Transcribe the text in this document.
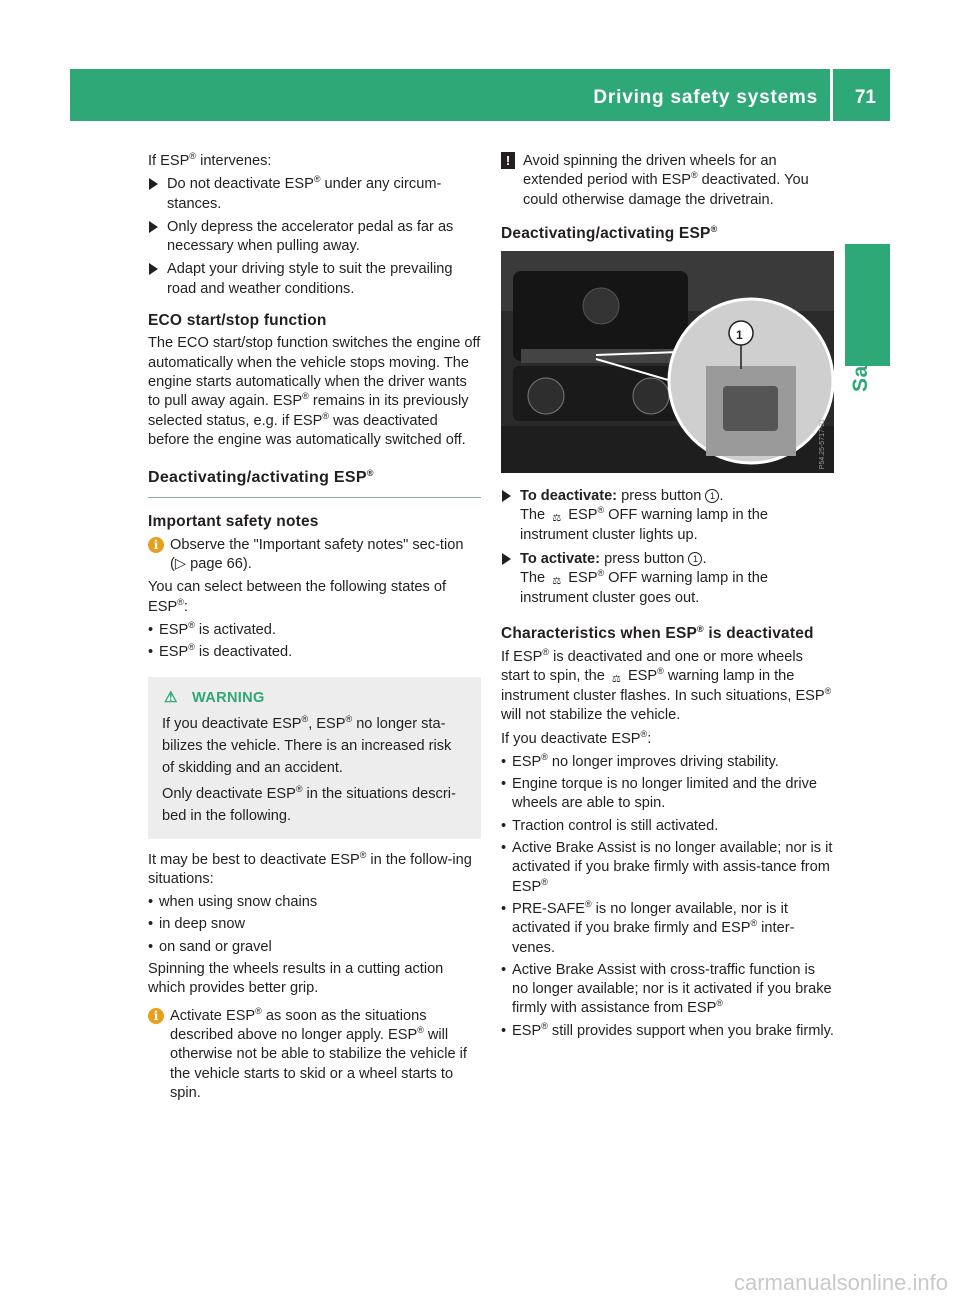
Driving safety systems 71
Safety

If ESP® intervenes:

Do not deactivate ESP® under any circum-stances.
Only depress the accelerator pedal as far as necessary when pulling away.
Adapt your driving style to suit the prevailing road and weather conditions.
ECO start/stop function

The ECO start/stop function switches the engine off automatically when the vehicle stops moving. The engine starts automatically when the driver wants to pull away again. ESP® remains in its previously selected status, e.g. if ESP® was deactivated before the engine was automatically switched off.

Deactivating/activating ESP®
Important safety notes
i Observe the "Important safety notes" sec-tion (▷ page 66).

You can select between the following states of ESP®:

• ESP® is activated.
• ESP® is deactivated.
⚠ WARNING

If you deactivate ESP®, ESP® no longer sta-bilizes the vehicle. There is an increased risk of skidding and an accident.

Only deactivate ESP® in the situations descri-bed in the following.

It may be best to deactivate ESP® in the follow-ing situations:

• when using snow chains
• in deep snow
• on sand or gravel

Spinning the wheels results in a cutting action which provides better grip.

i Activate ESP® as soon as the situations described above no longer apply. ESP® will otherwise not be able to stabilize the vehicle if the vehicle starts to skid or a wheel starts to spin.
! Avoid spinning the driven wheels for an extended period with ESP® deactivated. You could otherwise damage the drivetrain.
Deactivating/activating ESP®
1
P54.25-5717-31
To deactivate: press button 1 .
The ⚖ ESP® OFF warning lamp in the instrument cluster lights up.
To activate: press button 1 .
The ⚖ ESP® OFF warning lamp in the instrument cluster goes out.
Characteristics when ESP® is deactivated

If ESP® is deactivated and one or more wheels start to spin, the ⚖ ESP® warning lamp in the instrument cluster flashes. In such situations, ESP® will not stabilize the vehicle.

If you deactivate ESP®:

• ESP® no longer improves driving stability.
• Engine torque is no longer limited and the drive wheels are able to spin.
• Traction control is still activated.
• Active Brake Assist is no longer available; nor is it activated if you brake firmly with assis-tance from ESP®
• PRE-SAFE® is no longer available, nor is it activated if you brake firmly and ESP® inter-venes.
• Active Brake Assist with cross-traffic function is no longer available; nor is it activated if you brake firmly with assistance from ESP®
• ESP® still provides support when you brake firmly.
carmanualsonline.info
